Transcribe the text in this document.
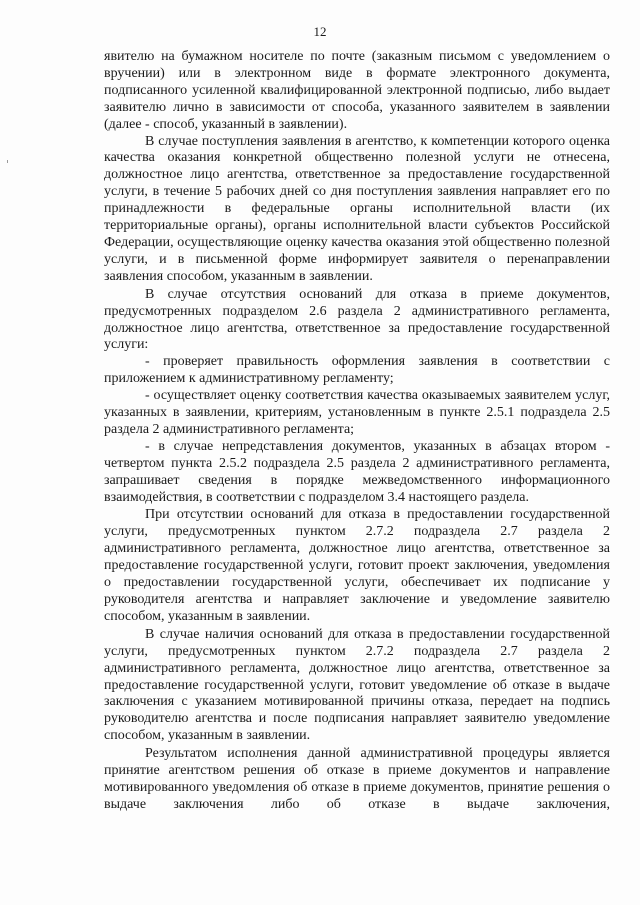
12

явителю на бумажном носителе по почте (заказным письмом с уведомлением о вручении) или в электронном виде в формате электронного документа, подписанного усиленной квалифицированной электронной подписью, либо выдает заявителю лично в зависимости от способа, указанного заявителем в заявлении (далее - способ, указанный в заявлении).

В случае поступления заявления в агентство, к компетенции которого оценка качества оказания конкретной общественно полезной услуги не отнесена, должностное лицо агентства, ответственное за предоставление государственной услуги, в течение 5 рабочих дней со дня поступления заявления направляет его по принадлежности в федеральные органы исполнительной власти (их территориальные органы), органы исполнительной власти субъектов Российской Федерации, осуществляющие оценку качества оказания этой общественно полезной услуги, и в письменной форме информирует заявителя о перенаправлении заявления способом, указанным в заявлении.

В случае отсутствия оснований для отказа в приеме документов, предусмотренных подразделом 2.6 раздела 2 административного регламента, должностное лицо агентства, ответственное за предоставление государственной услуги:

- проверяет правильность оформления заявления в соответствии с приложением к административному регламенту;

- осуществляет оценку соответствия качества оказываемых заявителем услуг, указанных в заявлении, критериям, установленным в пункте 2.5.1 подраздела 2.5 раздела 2 административного регламента;

- в случае непредставления документов, указанных в абзацах втором - четвертом пункта 2.5.2 подраздела 2.5 раздела 2 административного регламента, запрашивает сведения в порядке межведомственного информационного взаимодействия, в соответствии с подразделом 3.4 настоящего раздела.

При отсутствии оснований для отказа в предоставлении государственной услуги, предусмотренных пунктом 2.7.2 подраздела 2.7 раздела 2 административного регламента, должностное лицо агентства, ответственное за предоставление государственной услуги, готовит проект заключения, уведомления о предоставлении государственной услуги, обеспечивает их подписание у руководителя агентства и направляет заключение и уведомление заявителю способом, указанным в заявлении.

В случае наличия оснований для отказа в предоставлении государственной услуги, предусмотренных пунктом 2.7.2 подраздела 2.7 раздела 2 административного регламента, должностное лицо агентства, ответственное за предоставление государственной услуги, готовит уведомление об отказе в выдаче заключения с указанием мотивированной причины отказа, передает на подпись руководителю агентства и после подписания направляет заявителю уведомление способом, указанным в заявлении.

Результатом исполнения данной административной процедуры является принятие агентством решения об отказе в приеме документов и направление мотивированного уведомления об отказе в приеме документов, принятие решения о выдаче заключения либо об отказе в выдаче заключения,
